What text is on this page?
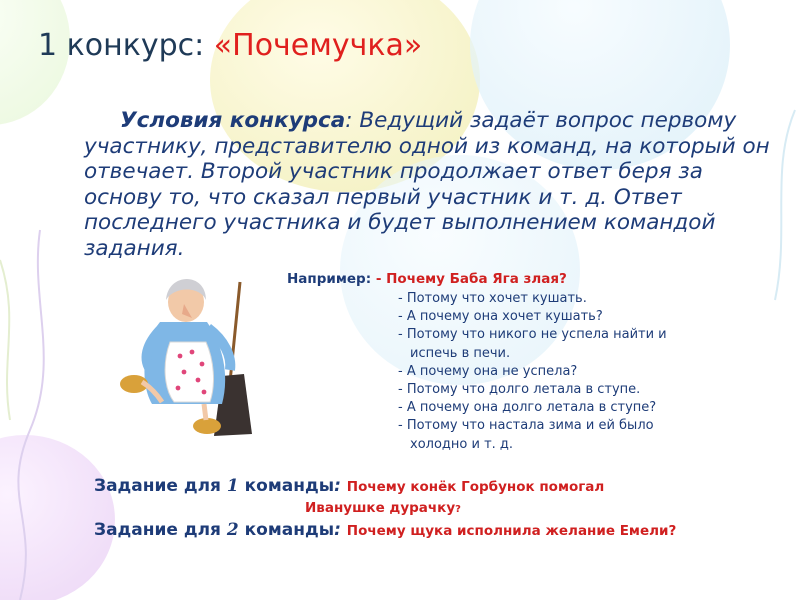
1 конкурс: «Почемучка»
Условия конкурса: Ведущий задаёт вопрос первому участнику, представителю одной из команд, на который он отвечает. Второй участник продолжает ответ беря за основу то, что сказал первый участник и т. д. Ответ последнего участника и будет выполнением командой задания.
Например: - Почему Баба Яга злая?
- Потому что хочет кушать.
- А почему она хочет кушать?
- Потому что никого не успела найти и
испечь в печи.
- А почему она не успела?
- Потому что долго летала в ступе.
- А почему она долго летала в ступе?
- Потому что настала зима и ей было
холодно и т. д.
Задание для 1 команды: Почему конёк Горбунок помогал
Иванушке дурачку?
Задание для 2 команды: Почему щука исполнила желание Емели?
